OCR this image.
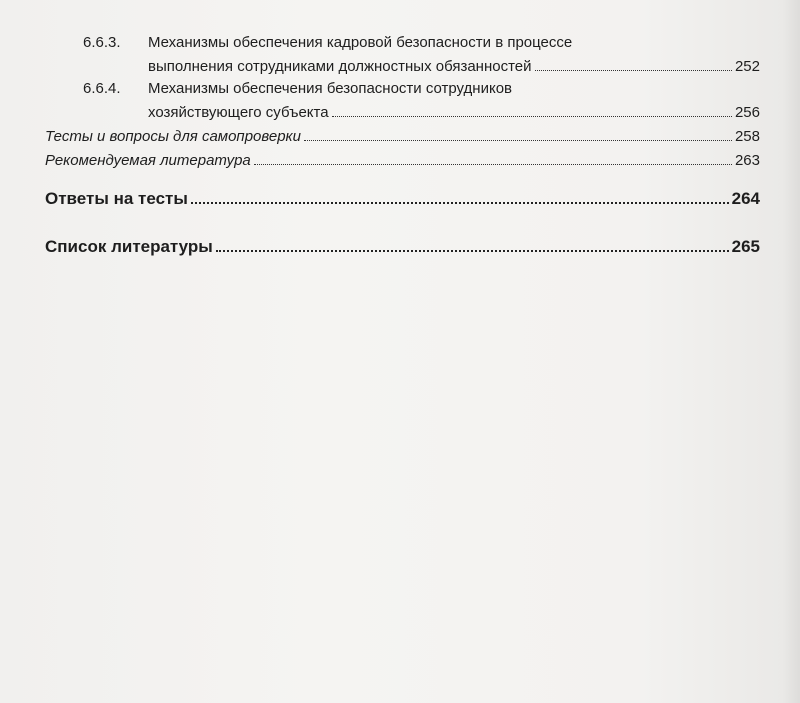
6.6.3. Механизмы обеспечения кадровой безопасности в процессе
выполнения сотрудниками должностных обязанностей	252
6.6.4. Механизмы обеспечения безопасности сотрудников
хозяйствующего субъекта	256
Тесты и вопросы для самопроверки	258
Рекомендуемая литература	263
Ответы на тесты	264
Список литературы	265
